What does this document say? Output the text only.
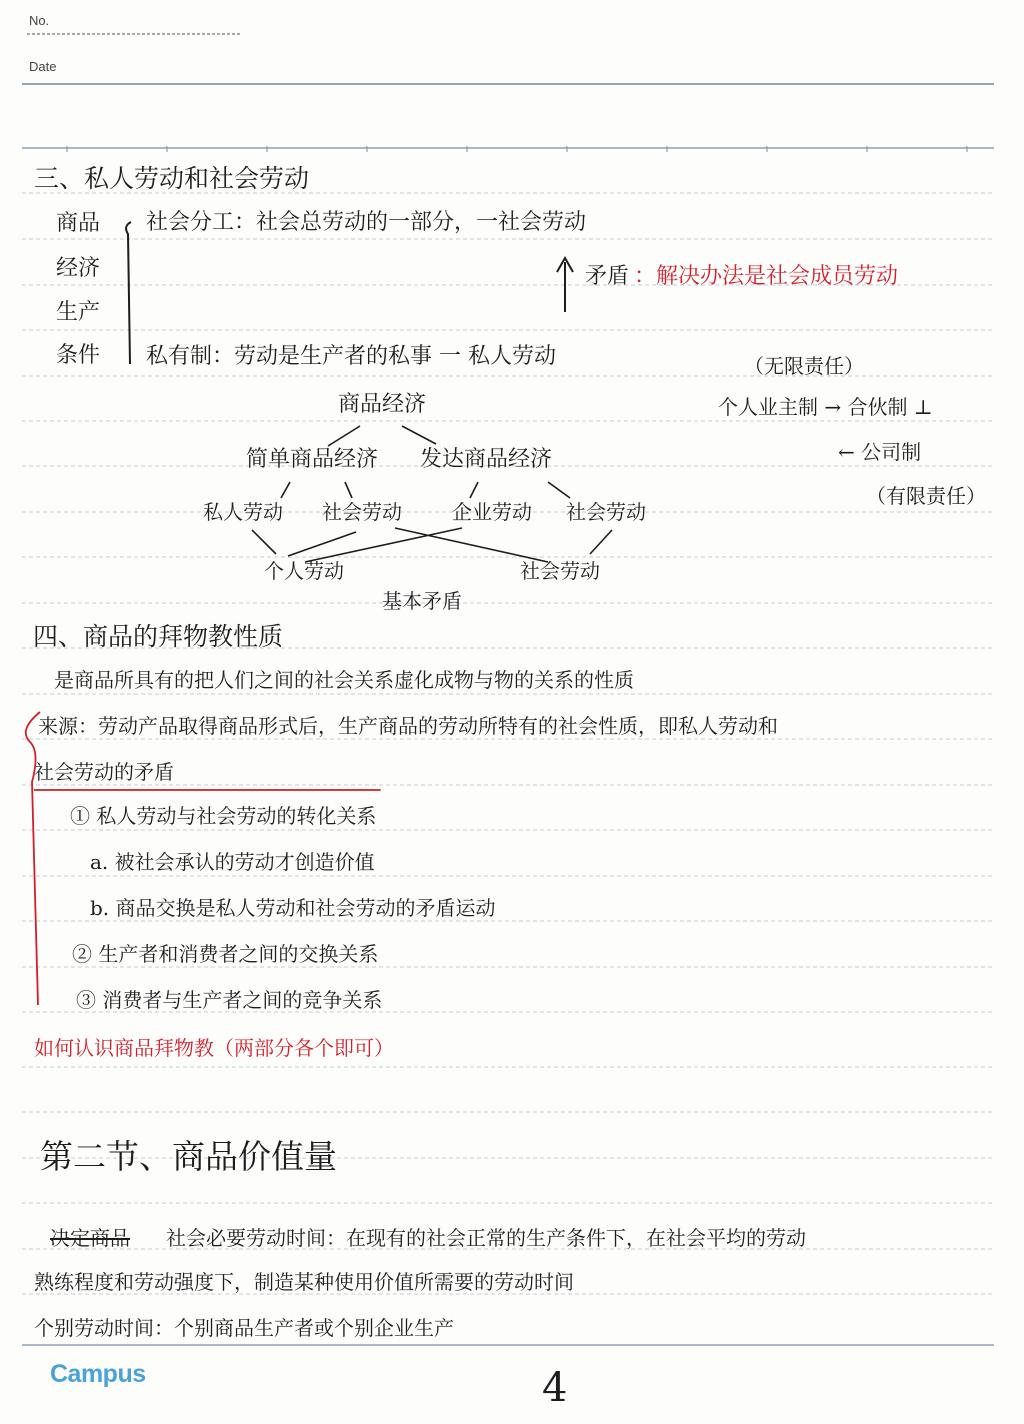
No.
Date
三、私人劳动和社会劳动
商品
经济
生产
条件
社会分工：社会总劳动的一部分，一社会劳动
矛盾 ：解决办法是社会成员劳动
私有制：劳动是生产者的私事 一 私人劳动	（无限责任）
个人业主制 → 合伙制 ⊥
← 公司制
（有限责任）
商品经济
简单商品经济 发达商品经济
私人劳动 社会劳动	企业劳动 社会劳动
个人劳动	社会劳动
基本矛盾
四、商品的拜物教性质
是商品所具有的把人们之间的社会关系虚化成物与物的关系的性质
来源：劳动产品取得商品形式后，生产商品的劳动所特有的社会性质，即私人劳动和
社会劳动的矛盾
① 私人劳动与社会劳动的转化关系
a. 被社会承认的劳动才创造价值
b. 商品交换是私人劳动和社会劳动的矛盾运动
② 生产者和消费者之间的交换关系
③ 消费者与生产者之间的竞争关系
如何认识商品拜物教（两部分各个即可）
第二节、商品价值量
决定商品 社会必要劳动时间：在现有的社会正常的生产条件下，在社会平均的劳动
熟练程度和劳动强度下，制造某种使用价值所需要的劳动时间
个别劳动时间：个别商品生产者或个别企业生产
Campus	4
